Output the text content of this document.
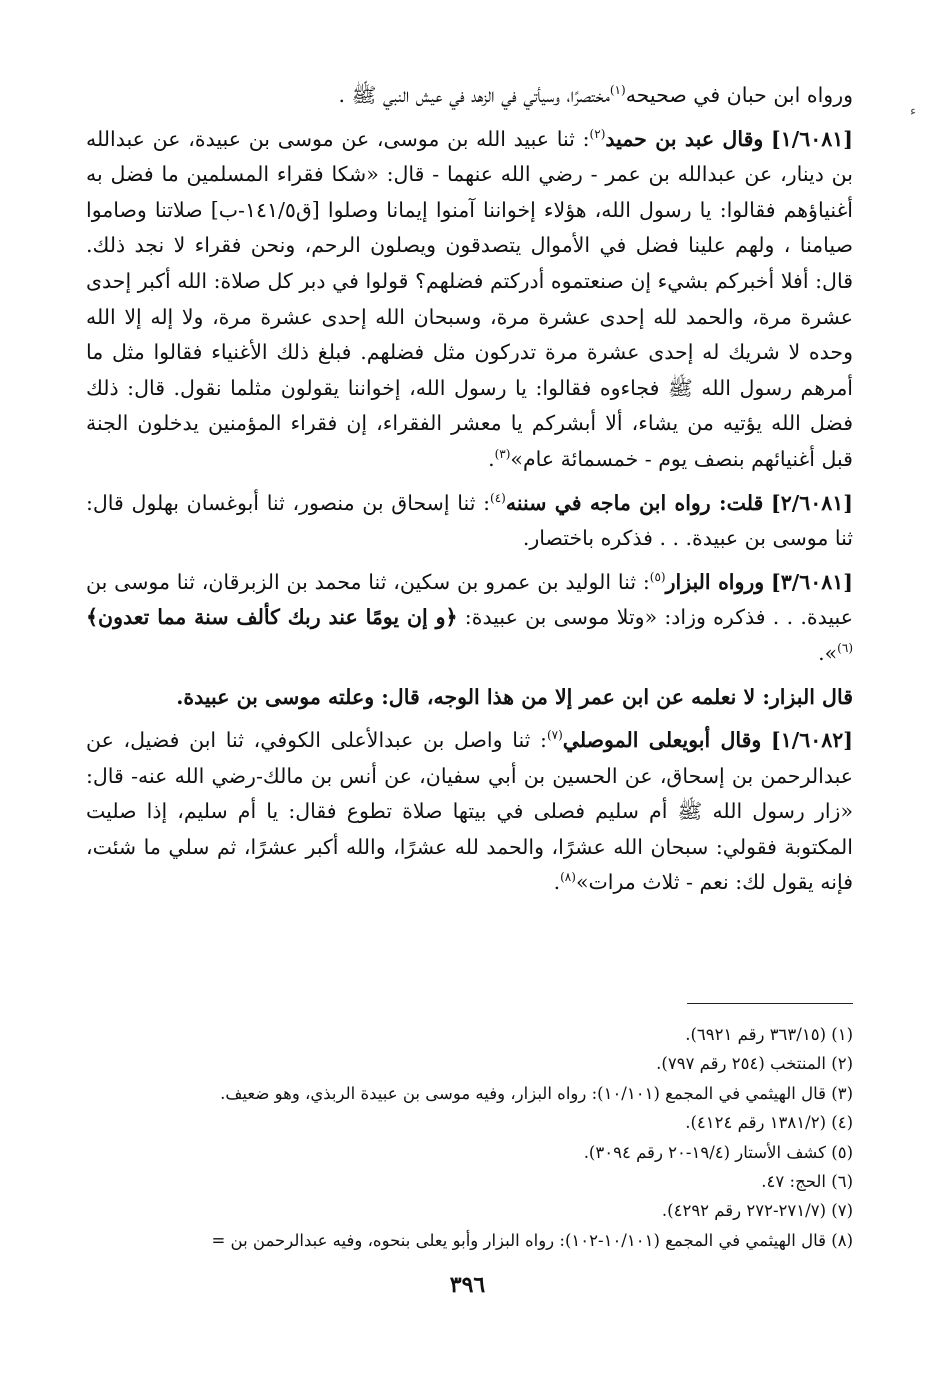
ء

ورواه ابن حبان في صحيحه$^{(١)}$مختصرًا، وسيأتي في الزهد في عيش النبي ﷺ .

[١/٦٠٨١] وقال عبد بن حميد$^{(٢)}$: ثنا عبيد الله بن موسى، عن موسى بن عبيدة، عن عبدالله بن دينار، عن عبدالله بن عمر - رضي الله عنهما - قال: «شكا فقراء المسلمين ما فضل به أغنياؤهم فقالوا: يا رسول الله، هؤلاء إخواننا آمنوا إيمانا وصلوا [ق١٤١/٥-ب] صلاتنا وصاموا صيامنا ، ولهم علينا فضل في الأموال يتصدقون ويصلون الرحم، ونحن فقراء لا نجد ذلك. قال: أفلا أخبركم بشيء إن صنعتموه أدركتم فضلهم؟ قولوا في دبر كل صلاة: الله أكبر إحدى عشرة مرة، والحمد لله إحدى عشرة مرة، وسبحان الله إحدى عشرة مرة، ولا إله إلا الله وحده لا شريك له إحدى عشرة مرة تدركون مثل فضلهم. فبلغ ذلك الأغنياء فقالوا مثل ما أمرهم رسول الله ﷺ فجاءوه فقالوا: يا رسول الله، إخواننا يقولون مثلما نقول. قال: ذلك فضل الله يؤتيه من يشاء، ألا أبشركم يا معشر الفقراء، إن فقراء المؤمنين يدخلون الجنة قبل أغنيائهم بنصف يوم - خمسمائة عام»$^{(٣)}$.

[٢/٦٠٨١] قلت: رواه ابن ماجه في سننه$^{(٤)}$: ثنا إسحاق بن منصور، ثنا أبوغسان بهلول قال: ثنا موسى بن عبيدة. . . فذكره باختصار.

[٣/٦٠٨١] ورواه البزار$^{(٥)}$: ثنا الوليد بن عمرو بن سكين، ثنا محمد بن الزبرقان، ثنا موسى بن عبيدة. . . فذكره وزاد: «وتلا موسى بن عبيدة: ﴿و إن يومًا عند ربك كألف سنة مما تعدون﴾$^{(٦)}$».

قال البزار: لا نعلمه عن ابن عمر إلا من هذا الوجه، قال: وعلته موسى بن عبيدة.

[١/٦٠٨٢] وقال أبويعلى الموصلي$^{(٧)}$: ثنا واصل بن عبدالأعلى الكوفي، ثنا ابن فضيل، عن عبدالرحمن بن إسحاق، عن الحسين بن أبي سفيان، عن أنس بن مالك-رضي الله عنه- قال: «زار رسول الله ﷺ أم سليم فصلى في بيتها صلاة تطوع فقال: يا أم سليم، إذا صليت المكتوبة فقولي: سبحان الله عشرًا، والحمد لله عشرًا، والله أكبر عشرًا، ثم سلي ما شئت، فإنه يقول لك: نعم - ثلاث مرات»$^{(٨)}$.

(١) (٣٦٣/١٥ رقم ٦٩٢١).
(٢) المنتخب (٢٥٤ رقم ٧٩٧).
(٣) قال الهيثمي في المجمع (١٠/١٠١): رواه البزار، وفيه موسى بن عبيدة الربذي، وهو ضعيف.
(٤) (١٣٨١/٢ رقم ٤١٢٤).
(٥) كشف الأستار (١٩/٤-٢٠ رقم ٣٠٩٤).
(٦) الحج: ٤٧.
(٧) (٢٧١/٧-٢٧٢ رقم ٤٢٩٢).
(٨) قال الهيثمي في المجمع (١٠/١٠١-١٠٢): رواه البزار وأبو يعلى بنحوه، وفيه عبدالرحمن بن =
٣٩٦
